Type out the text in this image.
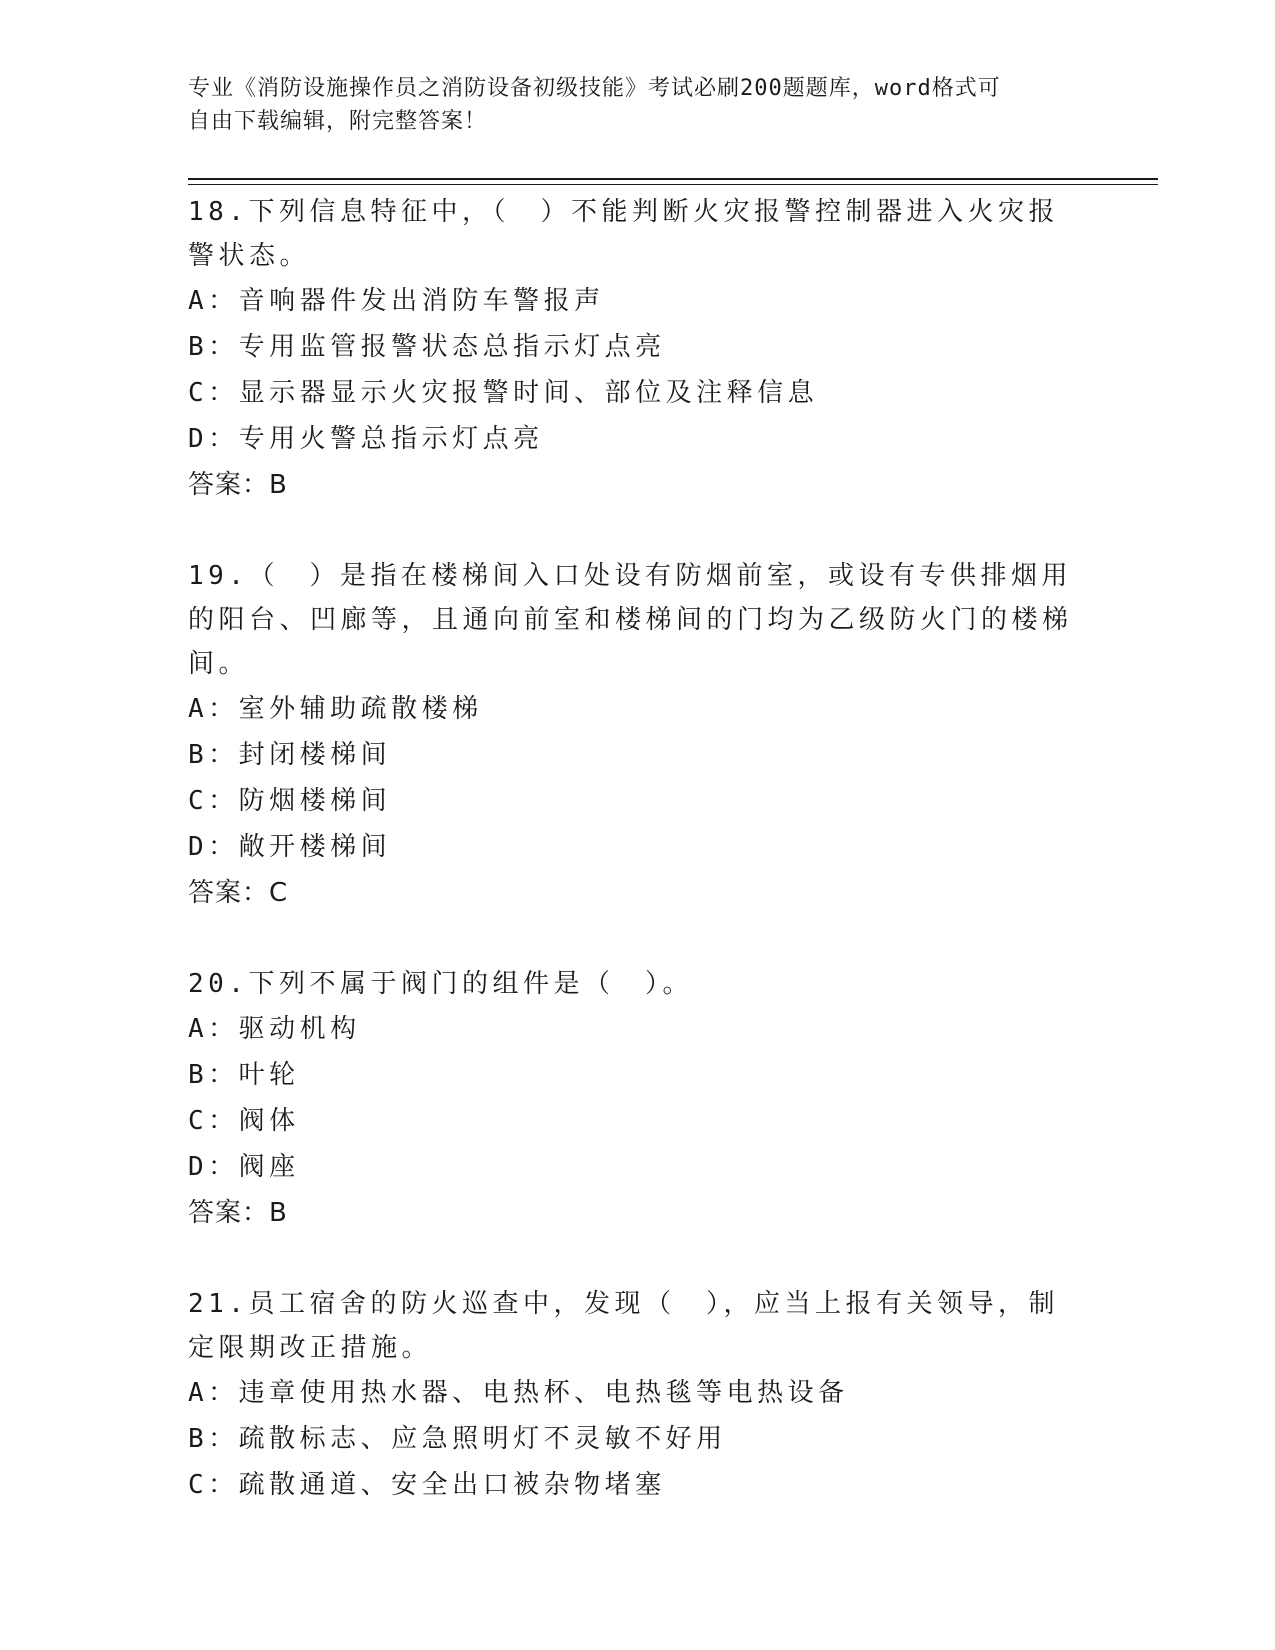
专业《消防设施操作员之消防设备初级技能》考试必刷200题题库，word格式可
自由下载编辑，附完整答案！

18.下列信息特征中，（　）不能判断火灾报警控制器进入火灾报警状态。

A：音响器件发出消防车警报声

B：专用监管报警状态总指示灯点亮

C：显示器显示火灾报警时间、部位及注释信息

D：专用火警总指示灯点亮

答案：B

19.（　）是指在楼梯间入口处设有防烟前室，或设有专供排烟用的阳台、凹廊等，且通向前室和楼梯间的门均为乙级防火门的楼梯间。

A：室外辅助疏散楼梯

B：封闭楼梯间

C：防烟楼梯间

D：敞开楼梯间

答案：C

20.下列不属于阀门的组件是（　）。

A：驱动机构

B：叶轮

C：阀体

D：阀座

答案：B

21.员工宿舍的防火巡查中，发现（　），应当上报有关领导，制定限期改正措施。

A：违章使用热水器、电热杯、电热毯等电热设备

B：疏散标志、应急照明灯不灵敏不好用

C：疏散通道、安全出口被杂物堵塞
